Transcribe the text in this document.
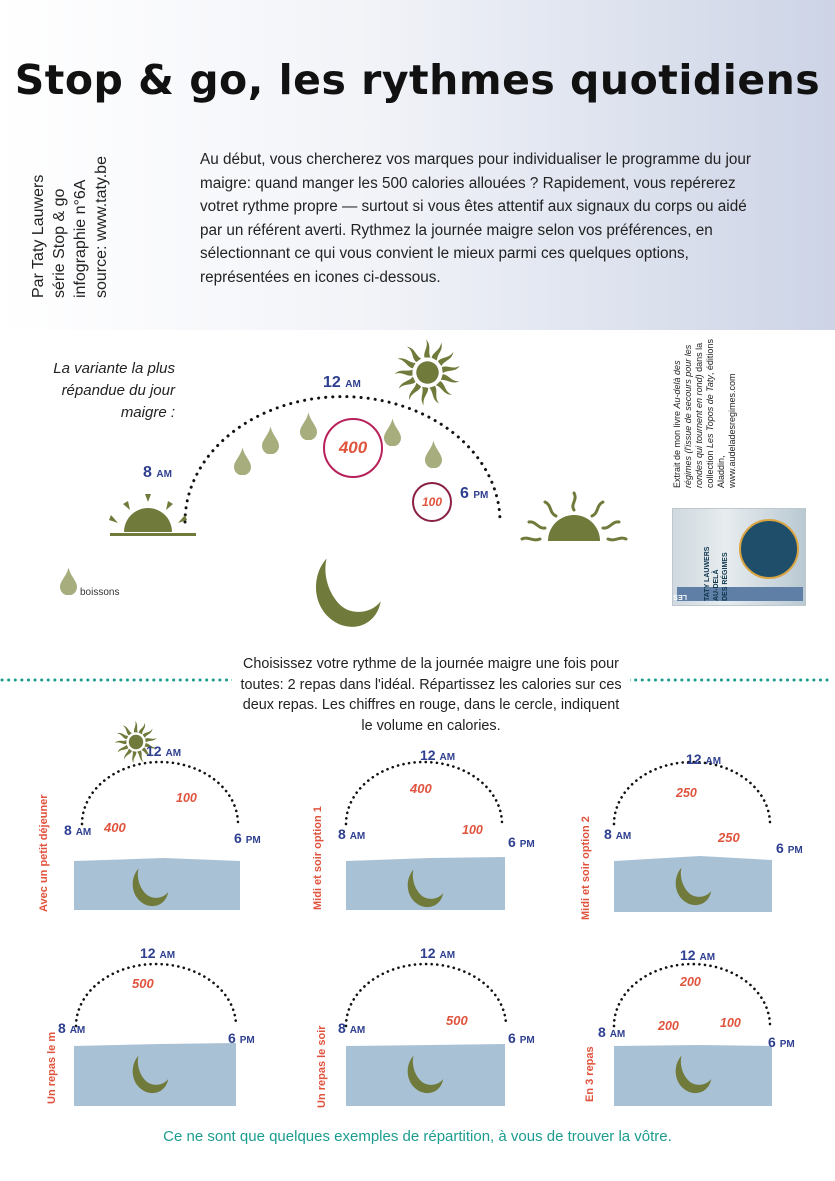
Stop & go, les rythmes quotidiens
Par Taty Lauwers série Stop & go infographie n°6A source: www.taty.be	Au début, vous chercherez vos marques pour individualiser le programme du jour maigre: quand manger les 500 calories allouées ? Rapidement, vous repérerez votret rythme propre — surtout si vous êtes attentif aux signaux du corps ou aidé par un référent averti. Rythmez la journée maigre selon vos préférences, en sélectionnant ce qui vous convient le mieux parmi ces quelques options, représentées en icones ci-dessous.
La variante la plus répandue du jour maigre :
400
100
8 AM
12 AM
6 PM
boissons
Extrait de mon livre Au-delà des régimes (l'issue de secours pour les rondes qui tournent en rond) dans la collection Les Topos de Taty, éditions Aladdin,
www.audeladesregimes.com
TATY LAUWERS AU-DELÀ DES RÉGIMES
LES TOPOS
Choisissez votre rythme de la journée maigre une fois pour toutes: 2 repas dans l'idéal. Répartissez les calories sur ces deux repas. Les chiffres en rouge, dans le cercle, indiquent le volume en calories.
12 AM
8 AM	6 PM
12 AM
8 AM	6 PM
12 AM
8 AM
6 PM
12 AM
8 AM	6 PM
12 AM
8 AM	6 PM
12 AM
8 AM	6 PM
100
400
400
100
250
250
500
500
200
200	100
Avec un petit déjeuner	Midi et soir option 1	Midi et soir option 2
Un repas le m	Un repas le soir	En 3 repas
Ce ne sont que quelques exemples de répartition, à vous de trouver la vôtre.
